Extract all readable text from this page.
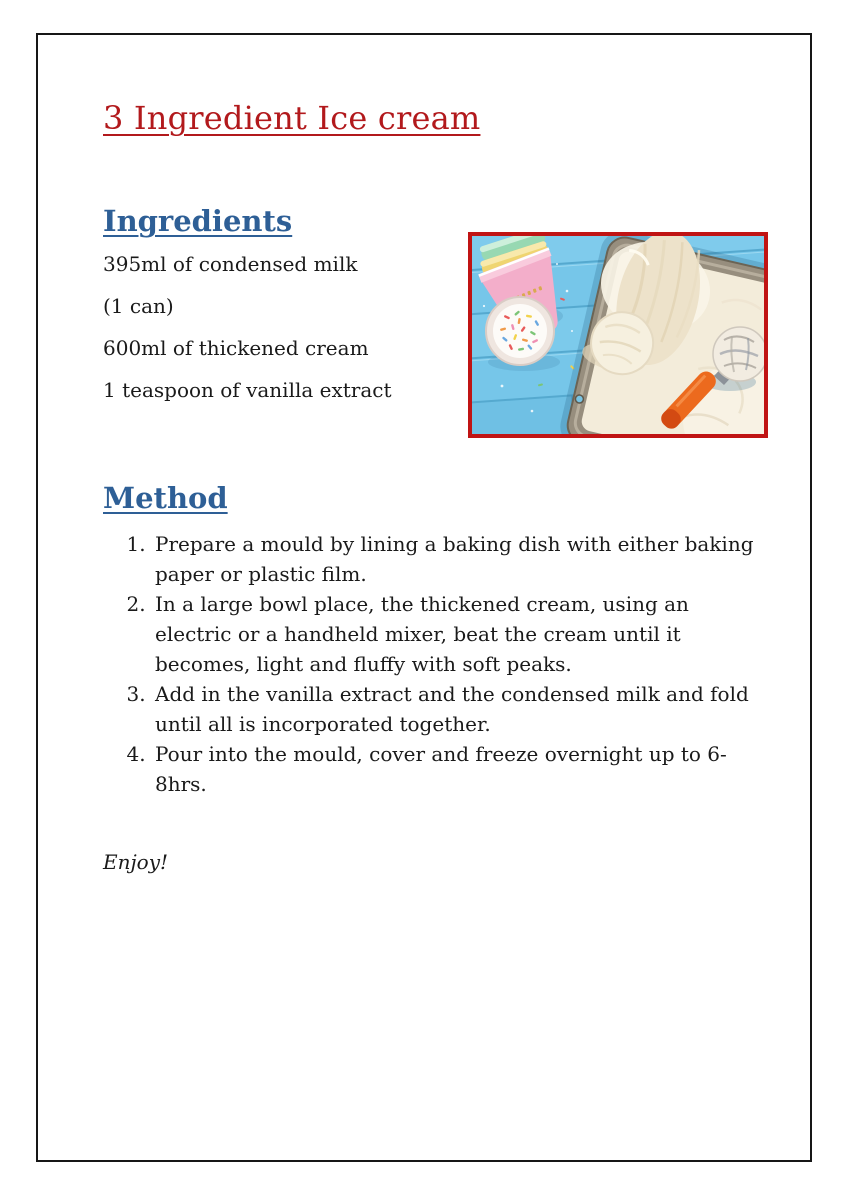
3 Ingredient Ice cream
Ingredients

395ml of condensed milk

(1 can)

600ml of thickened cream

1 teaspoon of vanilla extract

Method
1. Prepare a mould by lining a baking dish with either baking paper or plastic film.
2. In a large bowl place, the thickened cream, using an electric or a handheld mixer, beat the cream until it becomes, light and fluffy with soft peaks.
3. Add in the vanilla extract and the condensed milk and fold until all is incorporated together.
4. Pour into the mould, cover and freeze overnight up to 6-8hrs.

Enjoy!
